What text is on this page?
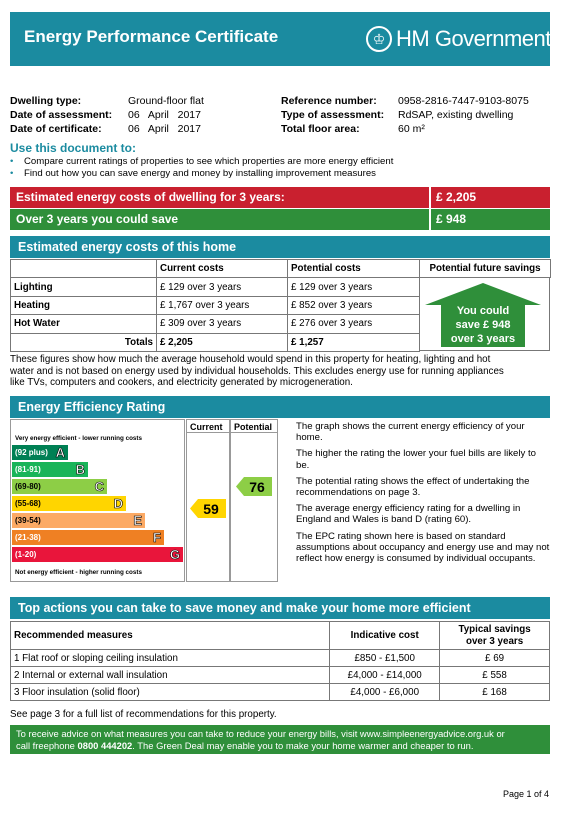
Energy Performance Certificate	♔ HM Government
Dwelling type:	Ground-floor flat
Date of assessment: 06   April   2017
Date of certificate:	06   April   2017
Reference number: 0958-2816-7447-9103-8075
Type of assessment: RdSAP, existing dwelling
Total floor area:	60 m²
Use this document to:
• Compare current ratings of properties to see which properties are more energy efficient
• Find out how you can save energy and money by installing improvement measures
Estimated energy costs of dwelling for 3 years:	£ 2,205
Over 3 years you could save	£ 948
Estimated energy costs of this home
	Current costs	Potential costs	Potential future savings
Lighting	£ 129 over 3 years	£ 129 over 3 years	
Heating	£ 1,767 over 3 years	£ 852 over 3 years	
Hot Water	£ 309 over 3 years	£ 276 over 3 years	
Totals	£ 2,205	£ 1,257	
You could
save £ 948
over 3 years
These figures show how much the average household would spend in this property for heating, lighting and hot
water and is not based on energy used by individual households. This excludes energy use for running appliances
like TVs, computers and cookers, and electricity generated by microgeneration.
Energy Efficiency Rating
Current Potential
Very energy efficient - lower running costs
Not energy efficient - higher running costs
(92 plus) A
(81-91)	B
(69-80)	C
(55-68)	D
(39-54)	E
(21-38)	F
(1-20)	G
59
76

The graph shows the current energy efficiency of your home.

The higher the rating the lower your fuel bills are likely to be.

The potential rating shows the effect of undertaking the recommendations on page 3.

The average energy efficiency rating for a dwelling in England and Wales is band D (rating 60).

The EPC rating shown here is based on standard assumptions about occupancy and energy use and may not reflect how energy is consumed by individual occupants.

Top actions you can take to save money and make your home more efficient
Recommended measures	Indicative cost	Typical savings
over 3 years
1 Flat roof or sloping ceiling insulation	£850 - £1,500	£ 69
2 Internal or external wall insulation	£4,000 - £14,000	£ 558
3 Floor insulation (solid floor)	£4,000 - £6,000	£ 168
See page 3 for a full list of recommendations for this property.
To receive advice on what measures you can take to reduce your energy bills, visit www.simpleenergyadvice.org.uk or
call freephone 0800 444202. The Green Deal may enable you to make your home warmer and cheaper to run.
Page 1 of 4
